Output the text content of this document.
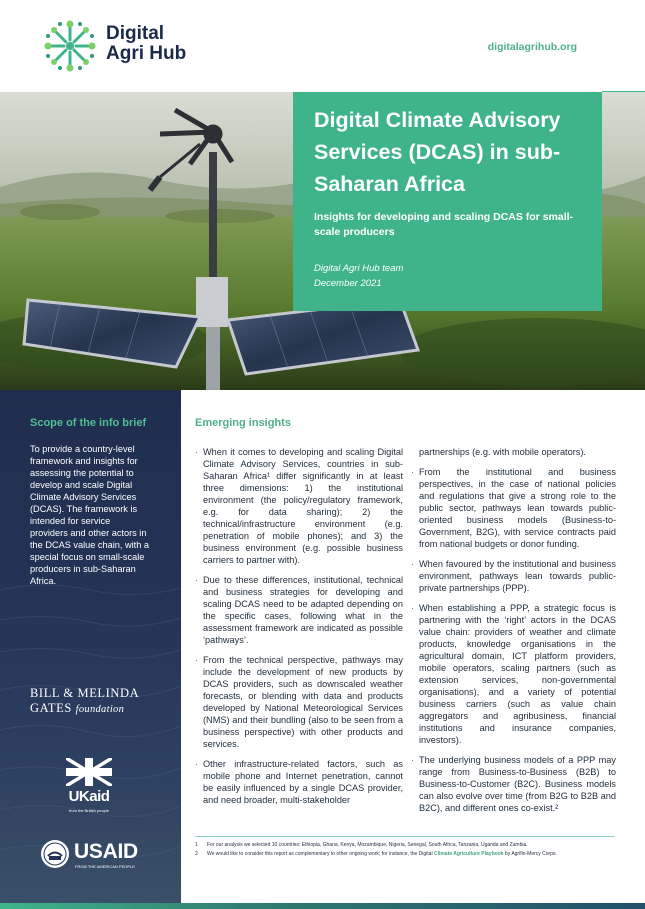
Digital
Agri Hub	digitalagrihub.org
Digital Climate Advisory Services (DCAS) in sub-Saharan Africa
Insights for developing and scaling DCAS for small-scale producers
Digital Agri Hub team
December 2021
Scope of the info brief
To provide a country-level framework and insights for assessing the potential to develop and scale Digital Climate Advisory Services (DCAS). The framework is intended for service providers and other actors in the DCAS value chain, with a special focus on small-scale producers in sub-Saharan Africa.
BILL & MELINDA
GATES foundation
UKaid
from the British people
USAID
FROM THE AMERICAN PEOPLE
Emerging insights
· When it comes to developing and scaling Digital Climate Advisory Services, countries in sub-Saharan Africa¹ differ significantly in at least three dimensions: 1) the institutional environment (the policy/regulatory framework, e.g. for data sharing); 2) the technical/infrastructure environment (e.g. penetration of mobile phones); and 3) the business environment (e.g. possible business carriers to partner with).
· Due to these differences, institutional, technical and business strategies for developing and scaling DCAS need to be adapted depending on the specific cases, following what in the assessment framework are indicated as possible ‘pathways’.
· From the technical perspective, pathways may include the development of new products by DCAS providers, such as downscaled weather forecasts, or blending with data and products developed by National Meteorological Services (NMS) and their bundling (also to be seen from a business perspective) with other products and services.
· Other infrastructure-related factors, such as mobile phone and Internet penetration, cannot be easily influenced by a single DCAS provider, and need broader, multi-stakeholder

partnerships (e.g. with mobile operators).

· From the institutional and business perspectives, in the case of national policies and regulations that give a strong role to the public sector, pathways lean towards public-oriented business models (Business-to-Government, B2G), with service contracts paid from national budgets or donor funding.
· When favoured by the institutional and business environment, pathways lean towards public-private partnerships (PPP).
· When establishing a PPP, a strategic focus is partnering with the ‘right’ actors in the DCAS value chain: providers of weather and climate products, knowledge organisations in the agricultural domain, ICT platform providers, mobile operators, scaling partners (such as extension services, non-governmental organisations), and a variety of potential business carriers (such as value chain aggregators and agribusiness, financial institutions and insurance companies, investors).
· The underlying business models of a PPP may range from Business-to-Business (B2B) to Business-to-Customer (B2C). Business models can also evolve over time (from B2G to B2B and B2C), and different ones co-exist.²
1 For our analysis we selected 10 countries: Ethiopia, Ghana, Kenya, Mozambique, Nigeria, Senegal, South Africa, Tanzania, Uganda and Zambia.
2 We would like to consider this report as complementary to other ongoing work; for instance, the Digital Climate Agriculture Playbook by Agrifin-Mercy Corps.
